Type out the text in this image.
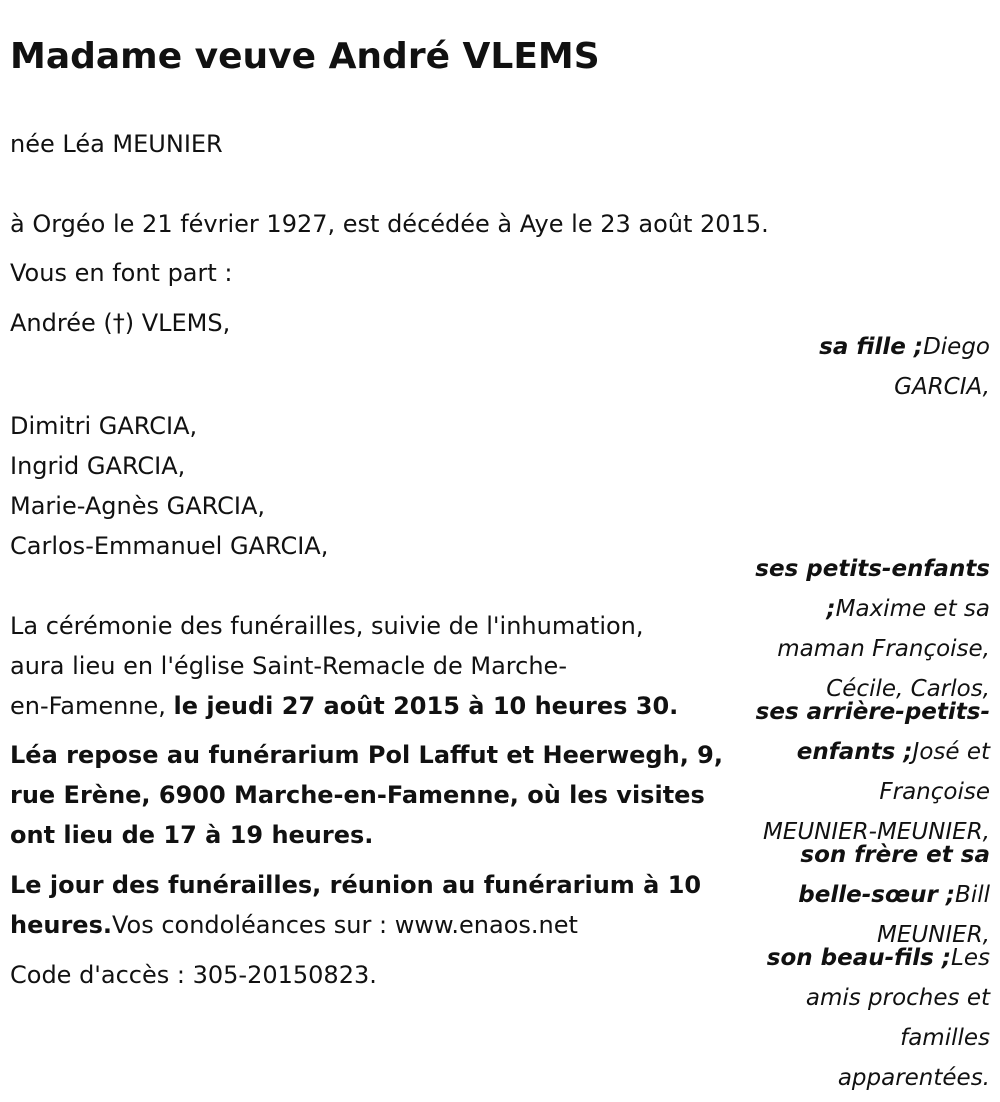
Madame veuve André VLEMS
née Léa MEUNIER
à Orgéo le 21 février 1927, est décédée à Aye le 23 août 2015.
Vous en font part :
Andrée (†) VLEMS,
Dimitri GARCIA,
Ingrid GARCIA,
Marie-Agnès GARCIA,
Carlos-Emmanuel GARCIA,
La cérémonie des funérailles, suivie de l'inhumation,
aura lieu en l'église Saint-Remacle de Marche-
en-Famenne, le jeudi 27 août 2015 à 10 heures 30.
Léa repose au funérarium Pol Laffut et Heerwegh, 9,
rue Erène, 6900 Marche-en-Famenne, où les visites
ont lieu de 17 à 19 heures.
Le jour des funérailles, réunion au funérarium à 10
heures.Vos condoléances sur : www.enaos.net
Code d'accès : 305-20150823.
sa fille ;Diego
GARCIA,
ses petits-enfants
;Maxime et sa
maman Françoise,
Cécile, Carlos,
ses arrière-petits-
enfants ;José et
Françoise
MEUNIER-MEUNIER,
son frère et sa
belle-sœur ;Bill
MEUNIER,
son beau-fils ;Les
amis proches et
familles
apparentées.
